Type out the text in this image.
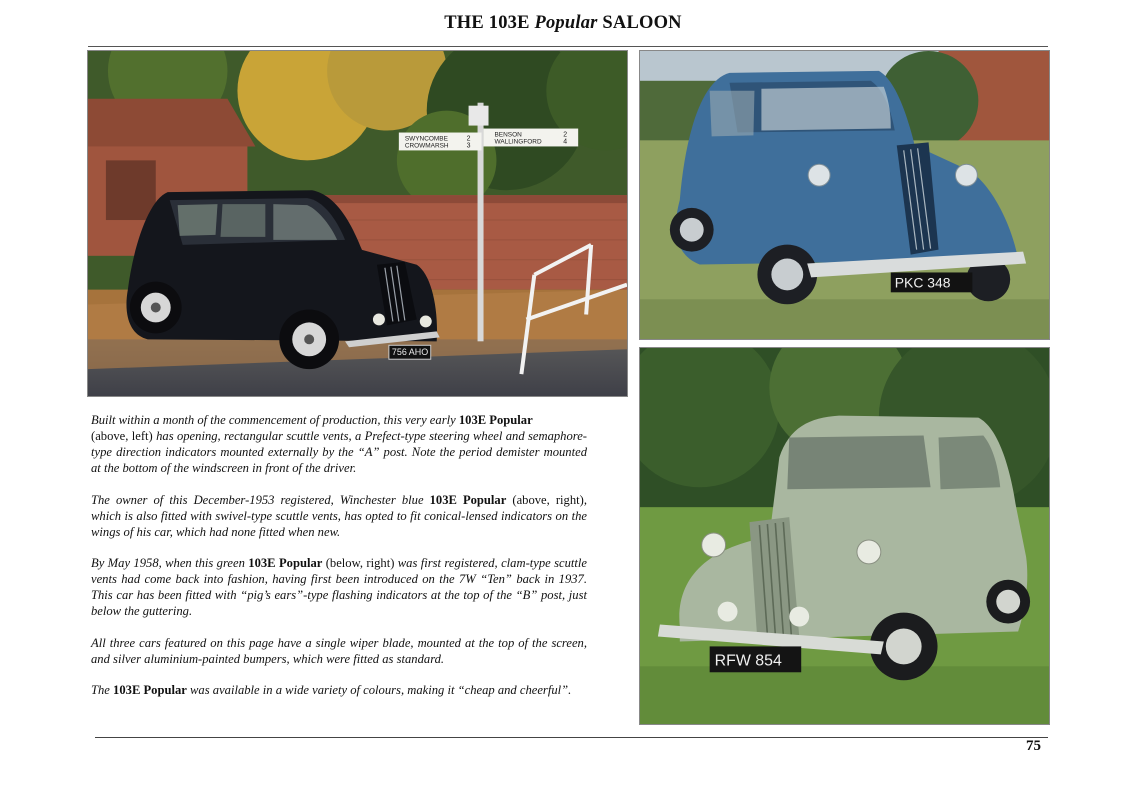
THE 103E Popular SALOON
SWYNCOMBE	2
CROWMARSH	3
BENSON	2
WALLINGFORD	4
756 AHO
PKC 348
RFW 854

Built within a month of the commencement of production, this very early 103E Popular
(above, left) has opening, rectangular scuttle vents, a Prefect-type steering wheel and semaphore-type direction indicators mounted externally by the “A” post. Note the period demister mounted at the bottom of the windscreen in front of the driver.

The owner of this December-1953 registered, Winchester blue 103E Popular (above, right), which is also fitted with swivel-type scuttle vents, has opted to fit conical-lensed indicators on the wings of his car, which had none fitted when new.

By May 1958, when this green 103E Popular (below, right) was first registered, clam-type scuttle vents had come back into fashion, having first been introduced on the 7W “Ten” back in 1937. This car has been fitted with “pig’s ears”-type flashing indicators at the top of the “B” post, just below the guttering.

All three cars featured on this page have a single wiper blade, mounted at the top of the screen, and silver aluminium-painted bumpers, which were fitted as standard.

The 103E Popular was available in a wide variety of colours, making it “cheap and cheerful”.

75
